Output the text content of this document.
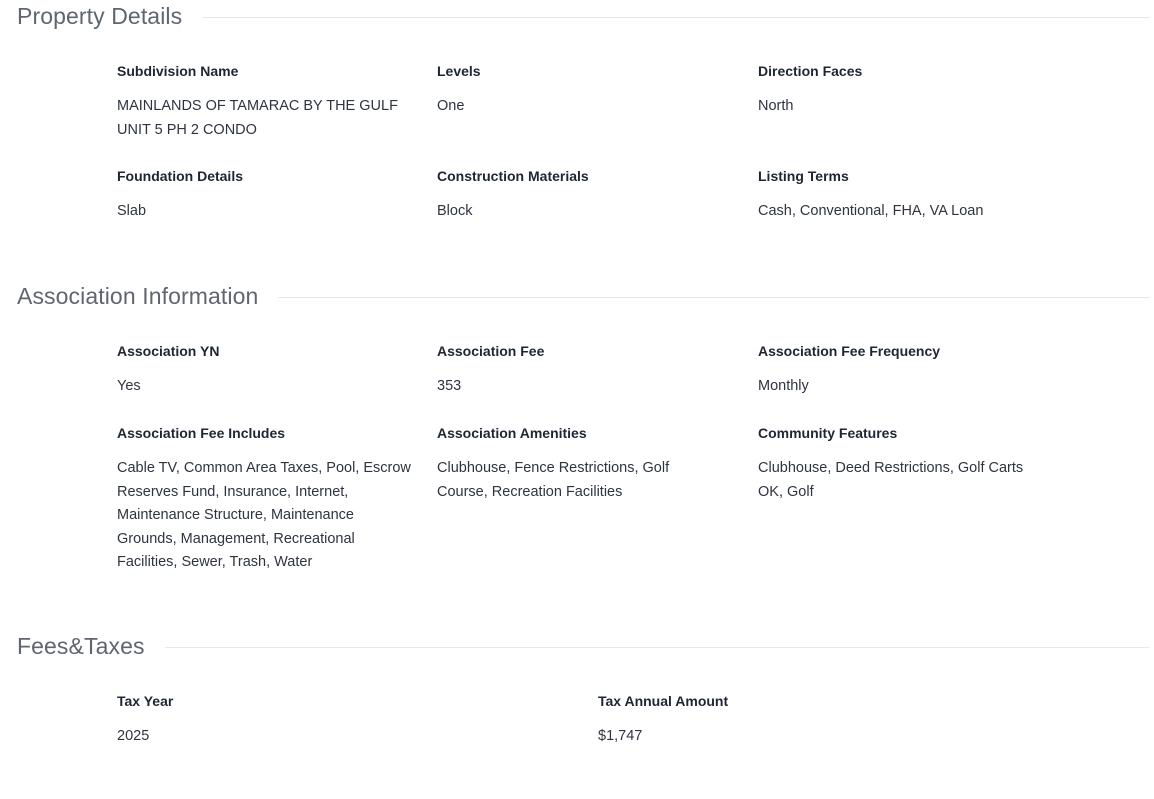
Property Details
Subdivision Name
MAINLANDS OF TAMARAC BY THE GULF UNIT 5 PH 2 CONDO
Levels
One
Direction Faces
North
Foundation Details
Slab
Construction Materials
Block
Listing Terms
Cash, Conventional, FHA, VA Loan
Association Information
Association YN
Yes
Association Fee
353
Association Fee Frequency
Monthly
Association Fee Includes
Cable TV, Common Area Taxes, Pool, Escrow Reserves Fund, Insurance, Internet, Maintenance Structure, Maintenance Grounds, Management, Recreational Facilities, Sewer, Trash, Water
Association Amenities
Clubhouse, Fence Restrictions, Golf Course, Recreation Facilities
Community Features
Clubhouse, Deed Restrictions, Golf Carts OK, Golf
Fees&Taxes
Tax Year
2025
Tax Annual Amount
$1,747
